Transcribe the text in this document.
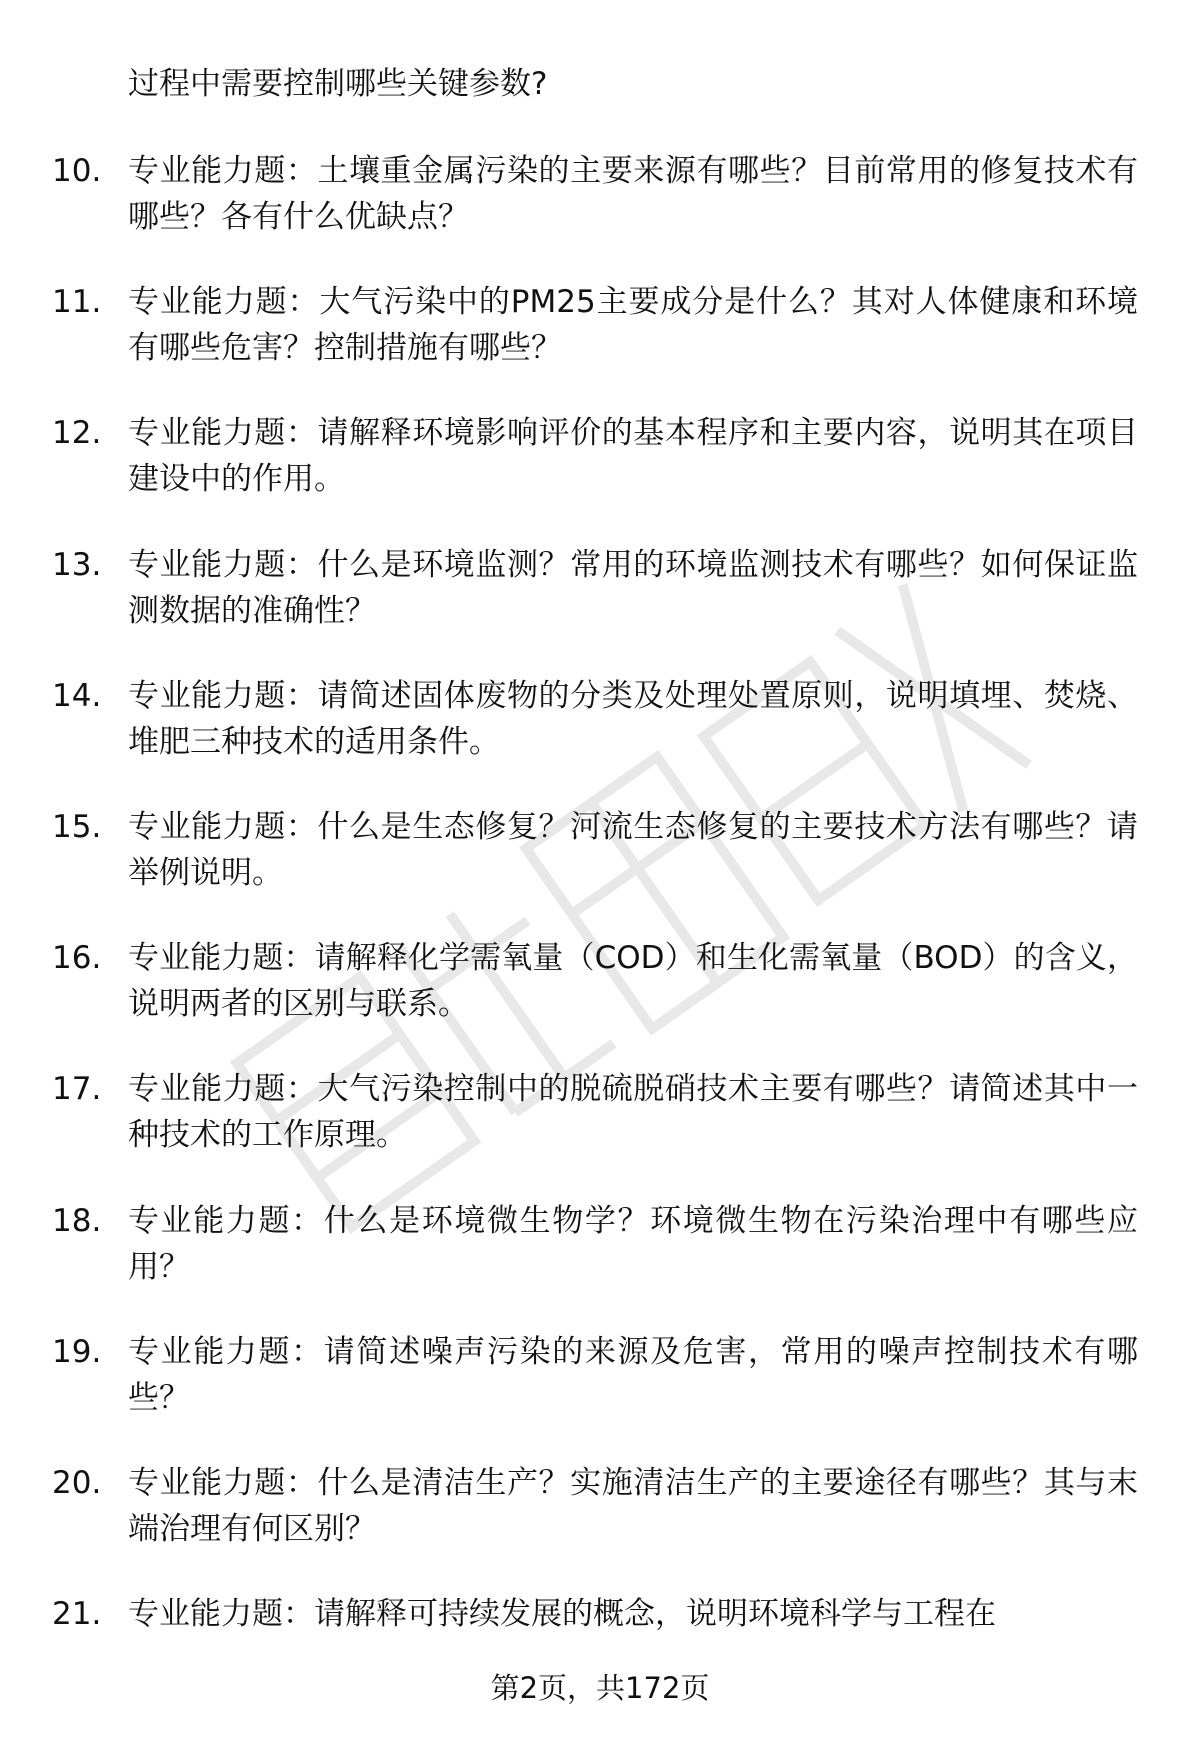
过程中需要控制哪些关键参数?
10. 专业能力题：土壤重金属污染的主要来源有哪些？目前常用的修复技术有哪些？各有什么优缺点？
11. 专业能力题：大气污染中的PM25主要成分是什么？其对人体健康和环境有哪些危害？控制措施有哪些？
12. 专业能力题：请解释环境影响评价的基本程序和主要内容，说明其在项目建设中的作用。
13. 专业能力题：什么是环境监测？常用的环境监测技术有哪些？如何保证监测数据的准确性？
14. 专业能力题：请简述固体废物的分类及处理处置原则，说明填埋、焚烧、堆肥三种技术的适用条件。
15. 专业能力题：什么是生态修复？河流生态修复的主要技术方法有哪些？请举例说明。
16. 专业能力题：请解释化学需氧量（COD）和生化需氧量（BOD）的含义，说明两者的区别与联系。
17. 专业能力题：大气污染控制中的脱硫脱硝技术主要有哪些？请简述其中一种技术的工作原理。
18. 专业能力题：什么是环境微生物学？环境微生物在污染治理中有哪些应用？
19. 专业能力题：请简述噪声污染的来源及危害，常用的噪声控制技术有哪些？
20. 专业能力题：什么是清洁生产？实施清洁生产的主要途径有哪些？其与末端治理有何区别？
21. 专业能力题：请解释可持续发展的概念，说明环境科学与工程在
第2页，共172页
